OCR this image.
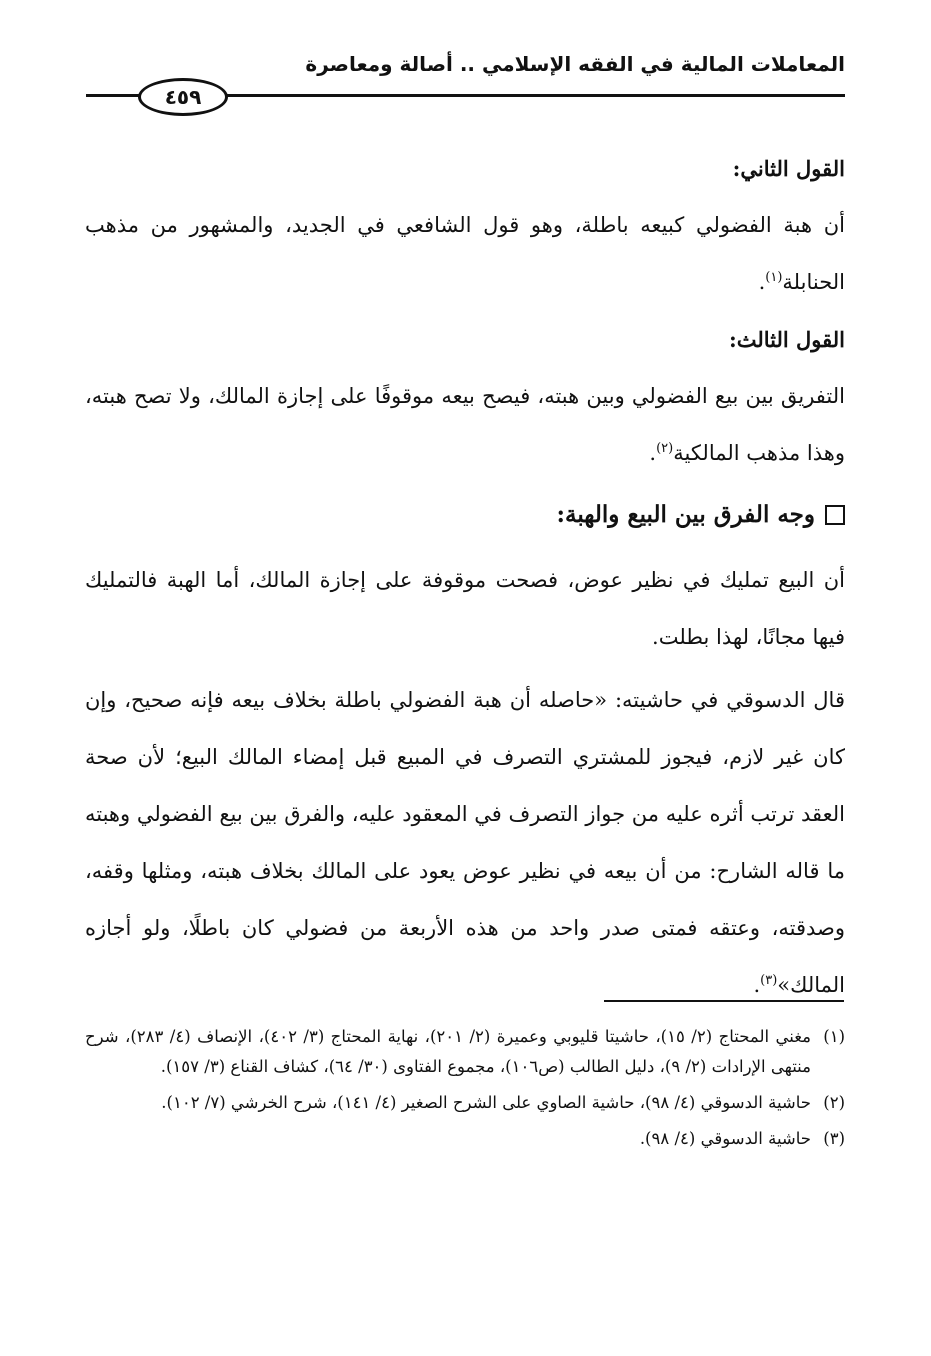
المعاملات المالية في الفقه الإسلامي .. أصالة ومعاصرة
٤٥٩
القول الثاني:
أن هبة الفضولي كبيعه باطلة، وهو قول الشافعي في الجديد، والمشهور من مذهب الحنابلة$^{(١)}$.
القول الثالث:
التفريق بين بيع الفضولي وبين هبته، فيصح بيعه موقوفًا على إجازة المالك، ولا تصح هبته، وهذا مذهب المالكية$^{(٢)}$.
وجه الفرق بين البيع والهبة:
أن البيع تمليك في نظير عوض، فصحت موقوفة على إجازة المالك، أما الهبة فالتمليك فيها مجانًا، لهذا بطلت.
قال الدسوقي في حاشيته: «حاصله أن هبة الفضولي باطلة بخلاف بيعه فإنه صحيح، وإن كان غير لازم، فيجوز للمشتري التصرف في المبيع قبل إمضاء المالك البيع؛ لأن صحة العقد ترتب أثره عليه من جواز التصرف في المعقود عليه، والفرق بين بيع الفضولي وهبته ما قاله الشارح: من أن بيعه في نظير عوض يعود على المالك بخلاف هبته، ومثلها وقفه، وصدقته، وعتقه فمتى صدر واحد من هذه الأربعة من فضولي كان باطلًا، ولو أجازه المالك»$^{(٣)}$.
(١)
مغني المحتاج (٢/ ١٥)، حاشيتا قليوبي وعميرة (٢/ ٢٠١)، نهاية المحتاج (٣/ ٤٠٢)، الإنصاف (٤/ ٢٨٣)، شرح منتهى الإرادات (٢/ ٩)، دليل الطالب (ص١٠٦)، مجموع الفتاوى (٣٠/ ٦٤)، كشاف القناع (٣/ ١٥٧).
(٢)
حاشية الدسوقي (٤/ ٩٨)، حاشية الصاوي على الشرح الصغير (٤/ ١٤١)، شرح الخرشي (٧/ ١٠٢).
(٣)
حاشية الدسوقي (٤/ ٩٨).
